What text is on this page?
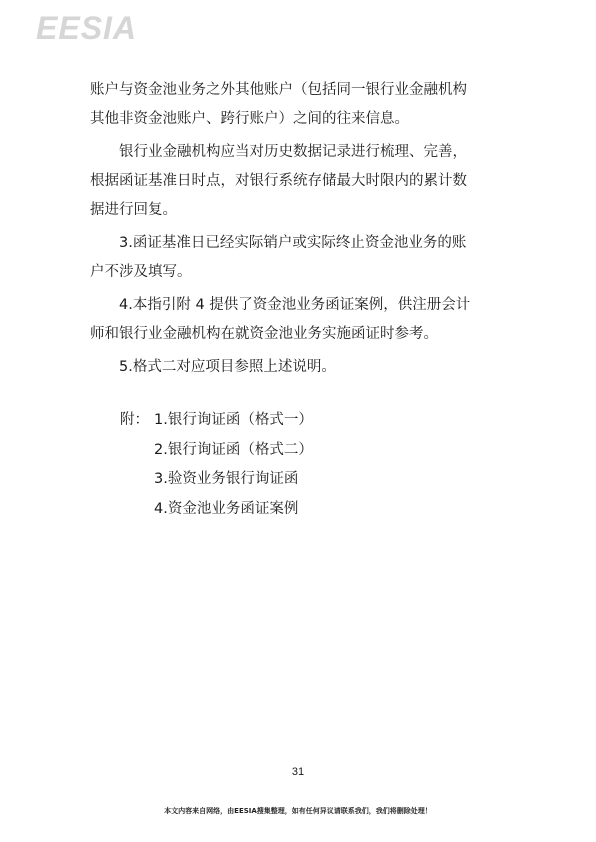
EESIA

账户与资金池业务之外其他账户（包括同一银行业金融机构
其他非资金池账户、跨行账户）之间的往来信息。

银行业金融机构应当对历史数据记录进行梳理、完善，
根据函证基准日时点，对银行系统存储最大时限内的累计数
据进行回复。

3.函证基准日已经实际销户或实际终止资金池业务的账
户不涉及填写。

4.本指引附 4 提供了资金池业务函证案例，供注册会计
师和银行业金融机构在就资金池业务实施函证时参考。

5.格式二对应项目参照上述说明。

附： 1.银行询证函（格式一）
2.银行询证函（格式二）
3.验资业务银行询证函
4.资金池业务函证案例
31
本文内容来自网络，由EESIA搜集整理，如有任何异议请联系我们，我们将删除处理！
